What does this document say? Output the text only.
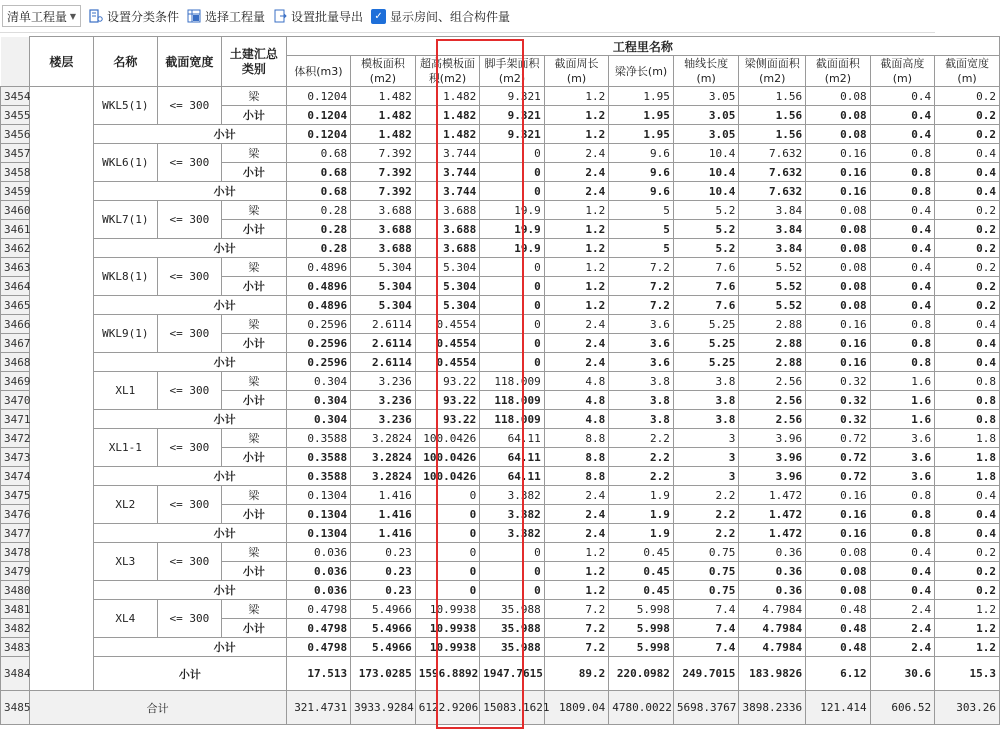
清单工程量 ▼	设置分类条件 选择工程量 设置批量导出	✓ 显示房间、组合构件量
	楼层	名称	截面宽度	土建汇总类别	工程里名称										
					体积(m3)	模板面积(m2)	超高模板面积(m2)	脚手架面积(m2)	截面周长(m)	梁净长(m)	轴线长度(m)	梁侧面面积(m2)	截面面积(m2)	截面高度(m)	截面宽度(m)
3454		WKL5(1)	<= 300	梁	0.1204	1.482	1.482	9.321	1.2	1.95	3.05	1.56	0.08	0.4	0.2
3455				小计	0.1204	1.482	1.482	9.321	1.2	1.95	3.05	1.56	0.08	0.4	0.2
3456		小计			0.1204	1.482	1.482	9.321	1.2	1.95	3.05	1.56	0.08	0.4	0.2
3457		WKL6(1)	<= 300	梁	0.68	7.392	3.744	0	2.4	9.6	10.4	7.632	0.16	0.8	0.4
3458				小计	0.68	7.392	3.744	0	2.4	9.6	10.4	7.632	0.16	0.8	0.4
3459		小计			0.68	7.392	3.744	0	2.4	9.6	10.4	7.632	0.16	0.8	0.4
3460		WKL7(1)	<= 300	梁	0.28	3.688	3.688	19.9	1.2	5	5.2	3.84	0.08	0.4	0.2
3461				小计	0.28	3.688	3.688	19.9	1.2	5	5.2	3.84	0.08	0.4	0.2
3462		小计			0.28	3.688	3.688	19.9	1.2	5	5.2	3.84	0.08	0.4	0.2
3463		WKL8(1)	<= 300	梁	0.4896	5.304	5.304	0	1.2	7.2	7.6	5.52	0.08	0.4	0.2
3464				小计	0.4896	5.304	5.304	0	1.2	7.2	7.6	5.52	0.08	0.4	0.2
3465		小计			0.4896	5.304	5.304	0	1.2	7.2	7.6	5.52	0.08	0.4	0.2
3466		WKL9(1)	<= 300	梁	0.2596	2.6114	0.4554	0	2.4	3.6	5.25	2.88	0.16	0.8	0.4
3467				小计	0.2596	2.6114	0.4554	0	2.4	3.6	5.25	2.88	0.16	0.8	0.4
3468		小计			0.2596	2.6114	0.4554	0	2.4	3.6	5.25	2.88	0.16	0.8	0.4
3469		XL1	<= 300	梁	0.304	3.236	93.22	118.009	4.8	3.8	3.8	2.56	0.32	1.6	0.8
3470				小计	0.304	3.236	93.22	118.009	4.8	3.8	3.8	2.56	0.32	1.6	0.8
3471		小计			0.304	3.236	93.22	118.009	4.8	3.8	3.8	2.56	0.32	1.6	0.8
3472		XL1-1	<= 300	梁	0.3588	3.2824	100.0426	64.11	8.8	2.2	3	3.96	0.72	3.6	1.8
3473				小计	0.3588	3.2824	100.0426	64.11	8.8	2.2	3	3.96	0.72	3.6	1.8
3474		小计			0.3588	3.2824	100.0426	64.11	8.8	2.2	3	3.96	0.72	3.6	1.8
3475		XL2	<= 300	梁	0.1304	1.416	0	3.382	2.4	1.9	2.2	1.472	0.16	0.8	0.4
3476				小计	0.1304	1.416	0	3.382	2.4	1.9	2.2	1.472	0.16	0.8	0.4
3477		小计			0.1304	1.416	0	3.382	2.4	1.9	2.2	1.472	0.16	0.8	0.4
3478		XL3	<= 300	梁	0.036	0.23	0	0	1.2	0.45	0.75	0.36	0.08	0.4	0.2
3479				小计	0.036	0.23	0	0	1.2	0.45	0.75	0.36	0.08	0.4	0.2
3480		小计			0.036	0.23	0	0	1.2	0.45	0.75	0.36	0.08	0.4	0.2
3481		XL4	<= 300	梁	0.4798	5.4966	10.9938	35.988	7.2	5.998	7.4	4.7984	0.48	2.4	1.2
3482				小计	0.4798	5.4966	10.9938	35.988	7.2	5.998	7.4	4.7984	0.48	2.4	1.2
3483		小计			0.4798	5.4966	10.9938	35.988	7.2	5.998	7.4	4.7984	0.48	2.4	1.2
3484		小计			17.513	173.0285	1596.8892	1947.7615	89.2	220.0982	249.7015	183.9826	6.12	30.6	15.3
3485	合计				321.4731	3933.9284	6122.9206	15083.1621	1809.04	4780.0022	5698.3767	3898.2336	121.414	606.52	303.26
